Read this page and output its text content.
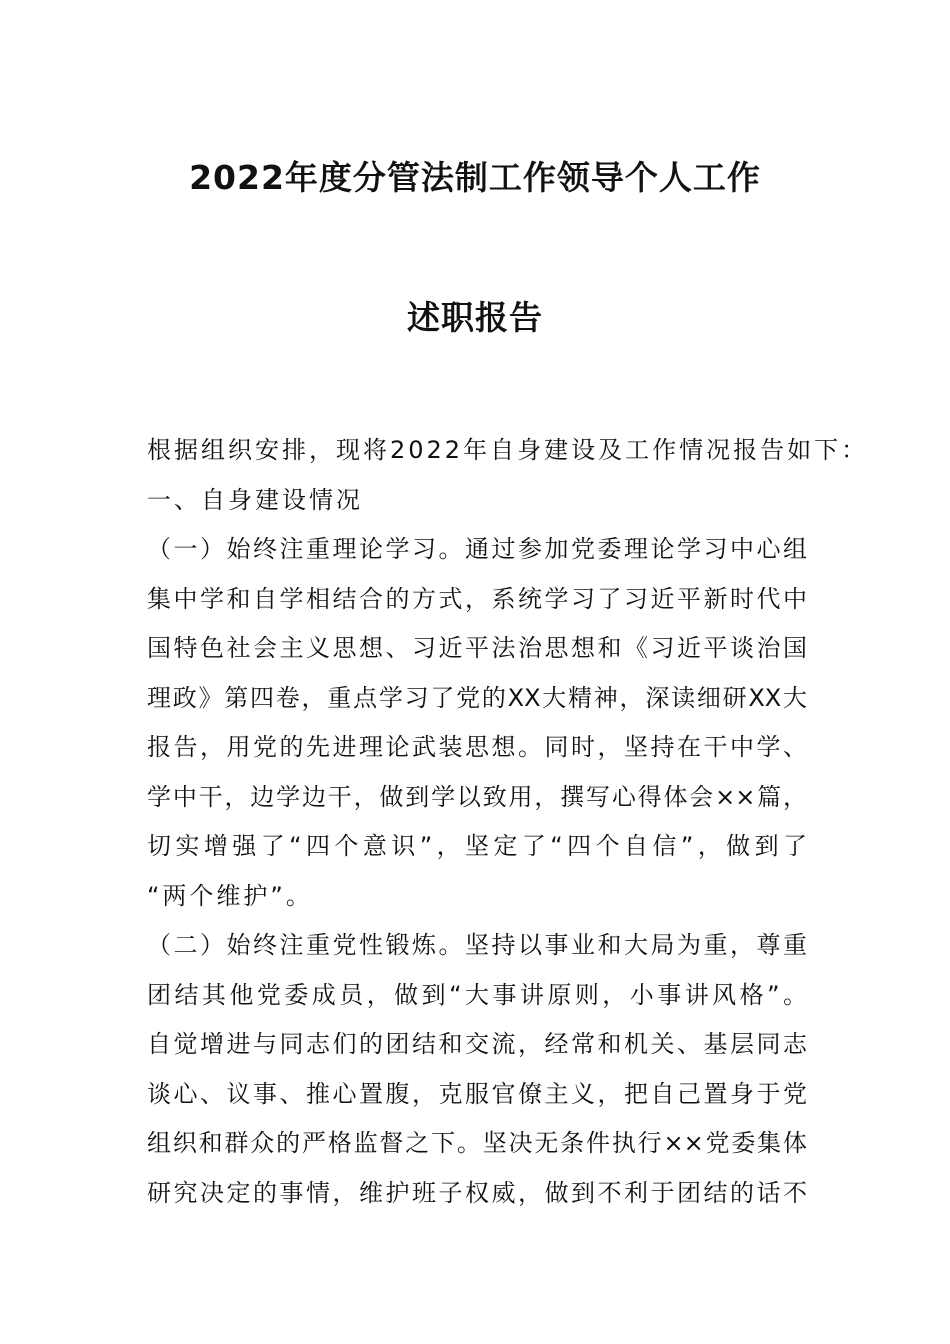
2022年度分管法制工作领导个人工作
述职报告
根据组织安排，现将2022年自身建设及工作情况报告如下：
一、自身建设情况
（一）始终注重理论学习。通过参加党委理论学习中心组
集中学和自学相结合的方式，系统学习了习近平新时代中
国特色社会主义思想、习近平法治思想和《习近平谈治国
理政》第四卷，重点学习了党的XX大精神，深读细研XX大
报告，用党的先进理论武装思想。同时，坚持在干中学、
学中干，边学边干，做到学以致用，撰写心得体会××篇，
切实增强了“四个意识”，坚定了“四个自信”，做到了
“两个维护”。
（二）始终注重党性锻炼。坚持以事业和大局为重，尊重
团结其他党委成员，做到“大事讲原则，小事讲风格”。
自觉增进与同志们的团结和交流，经常和机关、基层同志
谈心、议事、推心置腹，克服官僚主义，把自己置身于党
组织和群众的严格监督之下。坚决无条件执行××党委集体
研究决定的事情，维护班子权威，做到不利于团结的话不
